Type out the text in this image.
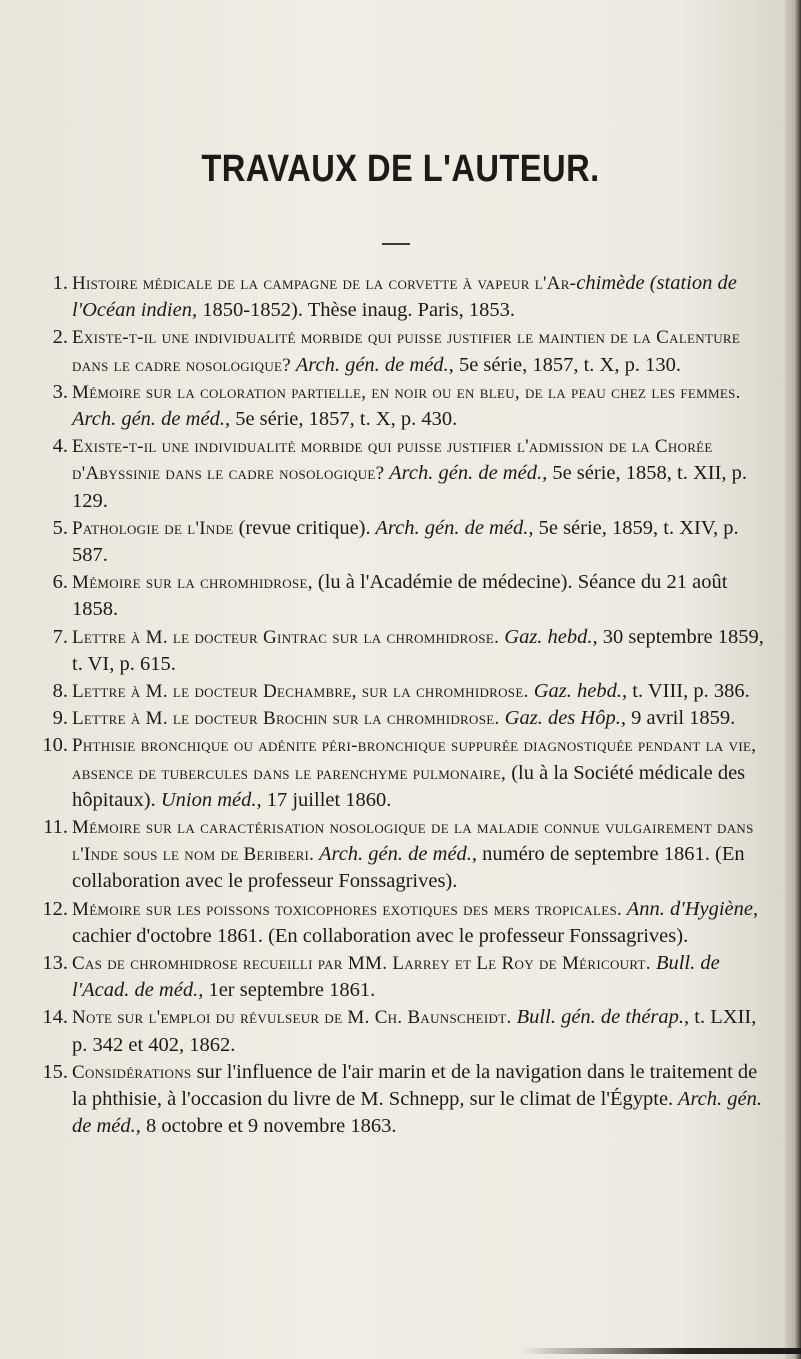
TRAVAUX DE L'AUTEUR.
1. Histoire médicale de la campagne de la corvette à vapeur l'Ar-chimède (station de l'Océan indien, 1850-1852). Thèse inaug. Paris, 1853.
2. Existe-t-il une individualité morbide qui puisse justifier le maintien de la Calenture dans le cadre nosologique? Arch. gén. de méd., 5e série, 1857, t. X, p. 130.
3. Mémoire sur la coloration partielle, en noir ou en bleu, de la peau chez les femmes. Arch. gén. de méd., 5e série, 1857, t. X, p. 430.
4. Existe-t-il une individualité morbide qui puisse justifier l'admission de la Chorée d'Abyssinie dans le cadre nosologique? Arch. gén. de méd., 5e série, 1858, t. XII, p. 129.
5. Pathologie de l'Inde (revue critique). Arch. gén. de méd., 5e série, 1859, t. XIV, p. 587.
6. Mémoire sur la chromhidrose, (lu à l'Académie de médecine). Séance du 21 août 1858.
7. Lettre à M. le docteur Gintrac sur la chromhidrose. Gaz. hebd., 30 septembre 1859, t. VI, p. 615.
8. Lettre à M. le docteur Dechambre, sur la chromhidrose. Gaz. hebd., t. VIII, p. 386.
9. Lettre à M. le docteur Brochin sur la chromhidrose. Gaz. des Hôp., 9 avril 1859.
10. Phthisie bronchique ou adénite péri-bronchique suppurée diagnostiquée pendant la vie, absence de tubercules dans le parenchyme pulmonaire, (lu à la Société médicale des hôpitaux). Union méd., 17 juillet 1860.
11. Mémoire sur la caractérisation nosologique de la maladie connue vulgairement dans l'Inde sous le nom de Beriberi. Arch. gén. de méd., numéro de septembre 1861. (En collaboration avec le professeur Fonssagrives).
12. Mémoire sur les poissons toxicophores exotiques des mers tropicales. Ann. d'Hygiène, cachier d'octobre 1861. (En collaboration avec le professeur Fonssagrives).
13. Cas de chromhidrose recueilli par MM. Larrey et Le Roy de Méricourt. Bull. de l'Acad. de méd., 1er septembre 1861.
14. Note sur l'emploi du révulseur de M. Ch. Baunscheidt. Bull. gén. de thérap., t. LXII, p. 342 et 402, 1862.
15. Considérations sur l'influence de l'air marin et de la navigation dans le traitement de la phthisie, à l'occasion du livre de M. Schnepp, sur le climat de l'Égypte. Arch. gén. de méd., 8 octobre et 9 novembre 1863.
